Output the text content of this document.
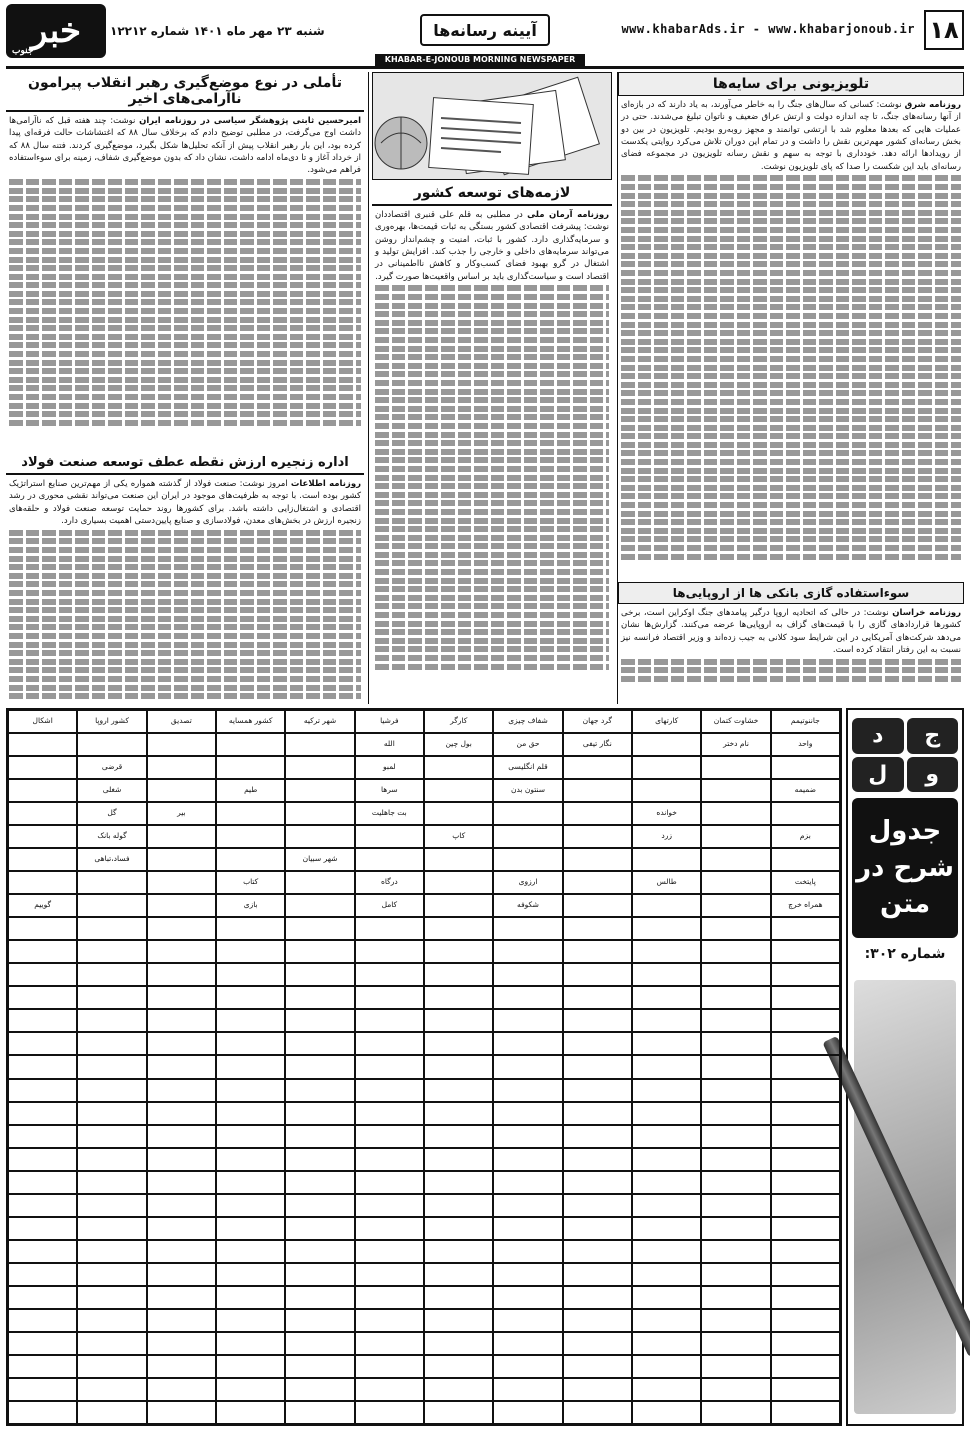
۱۸
www.khabarAds.ir - www.khabarjonoub.ir
آیینه رسانه‌ها
شنبه ۲۳ مهر ماه ۱۴۰۱ شماره ۱۲۲۱۲
خبر
جنوب
KHABAR-E-JONOUB MORNING NEWSPAPER
تلویزیونی برای سایه‌ها
روزنامه شرق نوشت: کسانی که سال‌های جنگ را به خاطر می‌آورند، به یاد دارند که در بازه‌ای از آنها رسانه‌های جنگ، تا چه اندازه دولت و ارتش عراق ضعیف و ناتوان تبلیغ می‌شدند. حتی در عملیات هایی که بعدها معلوم شد با ارتشی توانمند و مجهز روبه‌رو بودیم. تلویزیون در بین دو بخش رسانه‌ای کشور مهم‌ترین نقش را داشت و در تمام این دوران تلاش می‌کرد روایتی یکدست از رویدادها ارائه دهد. خودداری با توجه به سهم و نقش رسانه تلویزیون در مجموعه فضای رسانه‌ای باید این شکست را صدا که پای تلویزیون نوشت.
سوءاستفاده گازی بانکی ها از اروپایی‌ها
روزنامه خراسان نوشت: در حالی که اتحادیه اروپا درگیر پیامدهای جنگ اوکراین است، برخی کشورها قراردادهای گازی را با قیمت‌های گزاف به اروپایی‌ها عرضه می‌کنند. گزارش‌ها نشان می‌دهد شرکت‌های آمریکایی در این شرایط سود کلانی به جیب زده‌اند و وزیر اقتصاد فرانسه نیز نسبت به این رفتار انتقاد کرده است.
لازمه‌های توسعه کشور
روزنامه آرمان ملی در مطلبی به قلم علی قنبری اقتصاددان نوشت: پیشرفت اقتصادی کشور بستگی به ثبات قیمت‌ها، بهره‌وری و سرمایه‌گذاری دارد. کشور با ثبات، امنیت و چشم‌انداز روشن می‌تواند سرمایه‌های داخلی و خارجی را جذب کند. افزایش تولید و اشتغال در گرو بهبود فضای کسب‌وکار و کاهش نااطمینانی در اقتصاد است و سیاست‌گذاری باید بر اساس واقعیت‌ها صورت گیرد.
تأملی در نوع موضع‌گیری رهبر انقلاب پیرامون ناآرامی‌های اخیر
امیرحسین ثابتی پژوهشگر سیاسی در روزنامه ایران نوشت: چند هفته قبل که ناآرامی‌ها داشت اوج می‌گرفت، در مطلبی توضیح دادم که برخلاف سال ۸۸ که اغتشاشات حالت فرقه‌ای پیدا کرده بود، این بار رهبر انقلاب پیش از آنکه تحلیل‌ها شکل بگیرد، موضع‌گیری کردند. فتنه سال ۸۸ که از خرداد آغاز و تا دی‌ماه ادامه داشت، نشان داد که بدون موضع‌گیری شفاف، زمینه برای سوءاستفاده فراهم می‌شود.
اداره زنجیره ارزش نقطه عطف توسعه صنعت فولاد
روزنامه اطلاعات امروز نوشت: صنعت فولاد از گذشته همواره یکی از مهم‌ترین صنایع استراتژیک کشور بوده است. با توجه به ظرفیت‌های موجود در ایران این صنعت می‌تواند نقشی محوری در رشد اقتصادی و اشتغال‌زایی داشته باشد. برای کشورها روند حمایت توسعه صنعت فولاد و حلقه‌های زنجیره ارزش در بخش‌های معدن، فولادسازی و صنایع پایین‌دستی اهمیت بسیاری دارد.
ج
د
و
ل
جدول
شرح در متن
شماره ۳۰۲:
جاننوتیمم
خشاوت کتمان
کارتهای
گرد جهان
شفاف چیزی
کارگر
فرشیا
شهر ترکیه
کشور همسایه
تصدیق
کشور اروپا
اشکال
واحد
نام دختر
نگار تیفی
حق من
بول چین
الله
قلم انگلیسی
لمبو
قرضی
ضمیمه
سنتون بدن
سرها
طیم
شغلی
خوانده
بت جاهلیت
بیر
گل
بزم
زرد
کاپ
گوله بانک
شهر سبیان
فساد،تباهی
پایتخت
طالس
ارزوی
درگاه
کتاب
همراه خرچ
شکوفه
کامل
بازی
گوییم
